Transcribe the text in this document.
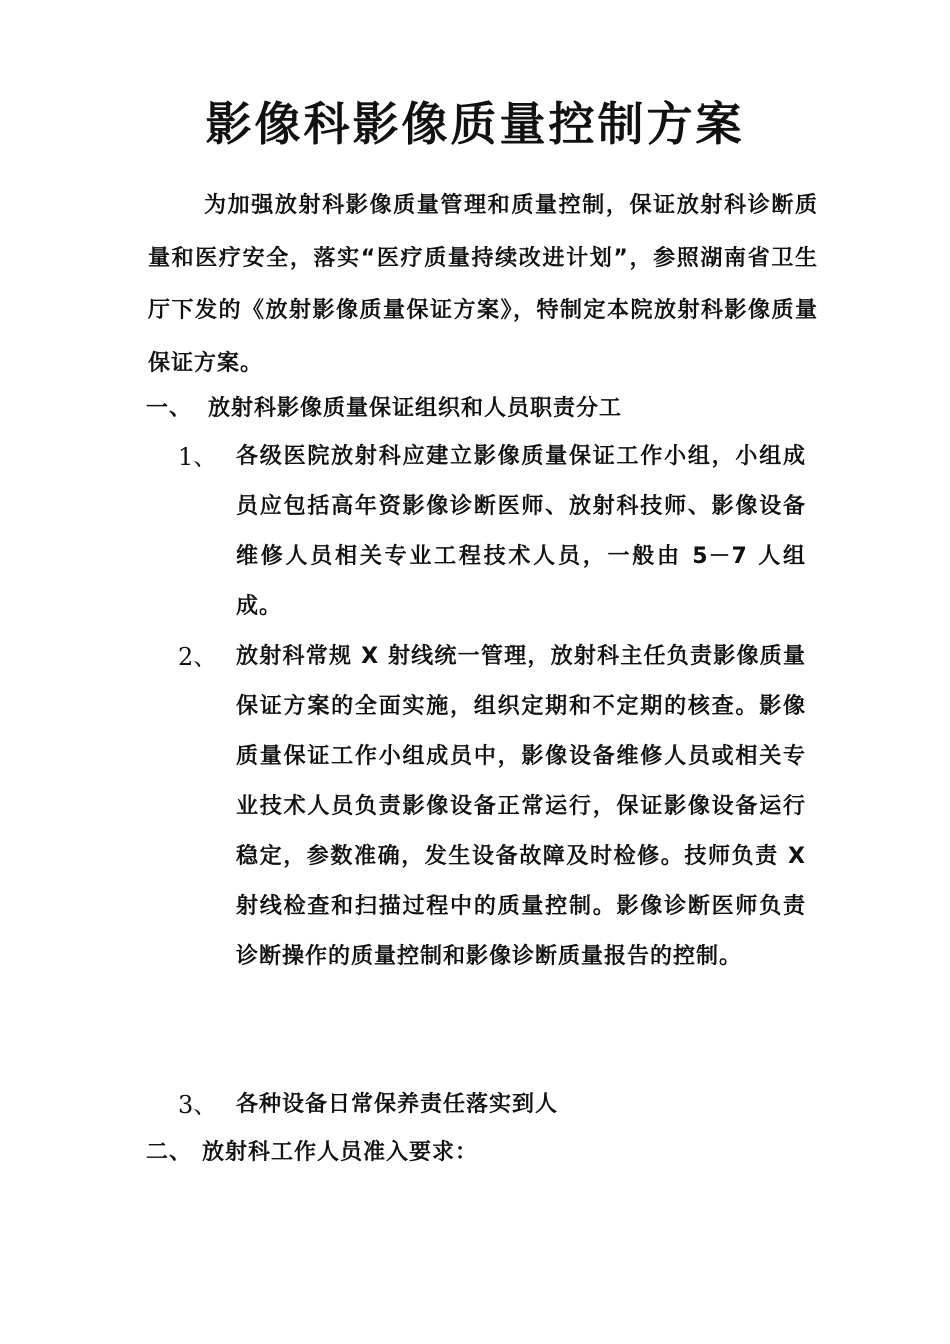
影像科影像质量控制方案

为加强放射科影像质量管理和质量控制，保证放射科诊断质量和医疗安全，落实“医疗质量持续改进计划”，参照湖南省卫生厅下发的《放射影像质量保证方案》，特制定本院放射科影像质量保证方案。

一、 放射科影像质量保证组织和人员职责分工
1、 各级医院放射科应建立影像质量保证工作小组，小组成员应包括高年资影像诊断医师、放射科技师、影像设备维修人员相关专业工程技术人员，一般由 5－7 人组成。
2、 放射科常规 X 射线统一管理，放射科主任负责影像质量保证方案的全面实施，组织定期和不定期的核查。影像质量保证工作小组成员中，影像设备维修人员或相关专业技术人员负责影像设备正常运行，保证影像设备运行稳定，参数准确，发生设备故障及时检修。技师负责 X 射线检查和扫描过程中的质量控制。影像诊断医师负责诊断操作的质量控制和影像诊断质量报告的控制。
3、 各种设备日常保养责任落实到人
二、 放射科工作人员准入要求：
